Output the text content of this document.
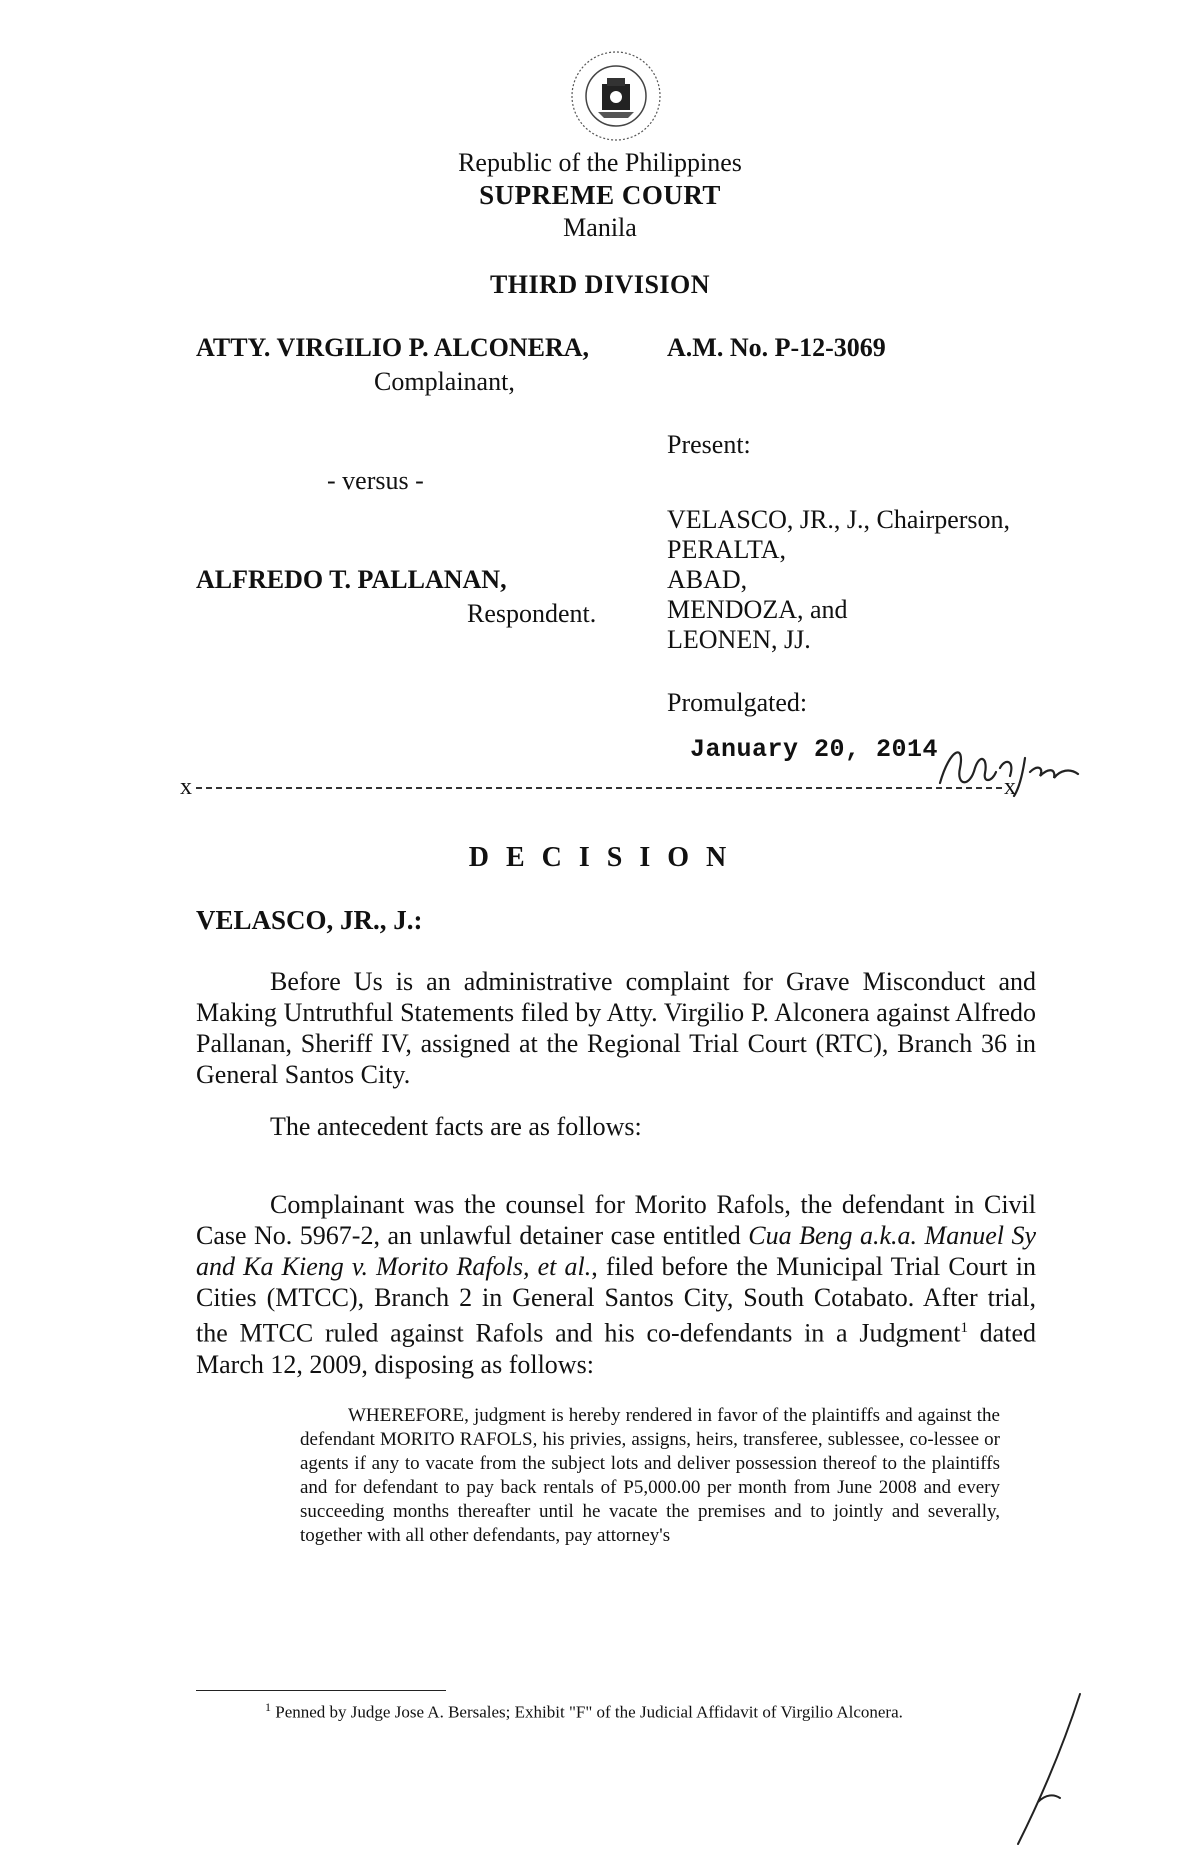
Republic of the Philippines
SUPREME COURT
Manila
THIRD DIVISION
ATTY. VIRGILIO P. ALCONERA,
Complainant,
- versus -
ALFREDO T. PALLANAN,
Respondent.
A.M. No. P-12-3069
Present:
VELASCO, JR., J., Chairperson,
PERALTA,
ABAD,
MENDOZA, and
LEONEN, JJ.
Promulgated:
January 20, 2014
x	x
D E C I S I O N
VELASCO, JR., J.:

Before Us is an administrative complaint for Grave Misconduct and Making Untruthful Statements filed by Atty. Virgilio P. Alconera against Alfredo Pallanan, Sheriff IV, assigned at the Regional Trial Court (RTC), Branch 36 in General Santos City.

The antecedent facts are as follows:

Complainant was the counsel for Morito Rafols, the defendant in Civil Case No. 5967-2, an unlawful detainer case entitled Cua Beng a.k.a. Manuel Sy and Ka Kieng v. Morito Rafols, et al., filed before the Municipal Trial Court in Cities (MTCC), Branch 2 in General Santos City, South Cotabato. After trial, the MTCC ruled against Rafols and his co-defendants in a Judgment$^1$ dated March 12, 2009, disposing as follows:

WHEREFORE, judgment is hereby rendered in favor of the plaintiffs and against the defendant MORITO RAFOLS, his privies, assigns, heirs, transferee, sublessee, co-lessee or agents if any to vacate from the subject lots and deliver possession thereof to the plaintiffs and for defendant to pay back rentals of P5,000.00 per month from June 2008 and every succeeding months thereafter until he vacate the premises and to jointly and severally, together with all other defendants, pay attorney's

$^1$ Penned by Judge Jose A. Bersales; Exhibit "F" of the Judicial Affidavit of Virgilio Alconera.
